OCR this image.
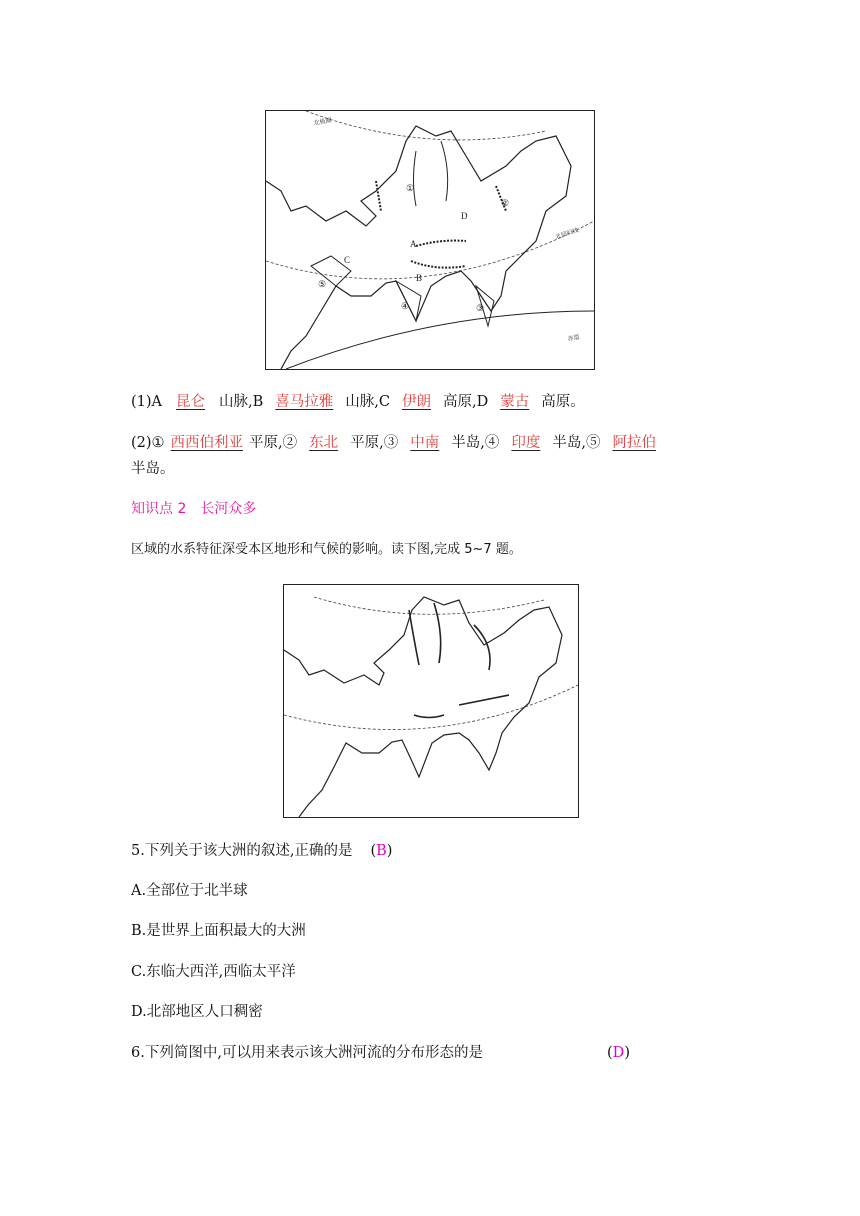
①
②
③
④
⑤
A
B
C
D
北极圈
北回归线
赤道
(1)A 昆仑 山脉,B 喜马拉雅 山脉,C 伊朗 高原,D 蒙古 高原。
(2)① 西西伯利亚 平原,② 东北 平原,③ 中南 半岛,④ 印度 半岛,⑤ 阿拉伯
半岛。
知识点 2　长河众多
区域的水系特征深受本区地形和气候的影响。读下图,完成 5~7 题。
5.下列关于该大洲的叙述,正确的是 (B)
A.全部位于北半球
B.是世界上面积最大的大洲
C.东临大西洋,西临太平洋
D.北部地区人口稠密
6.下列简图中,可以用来表示该大洲河流的分布形态的是	(D)
